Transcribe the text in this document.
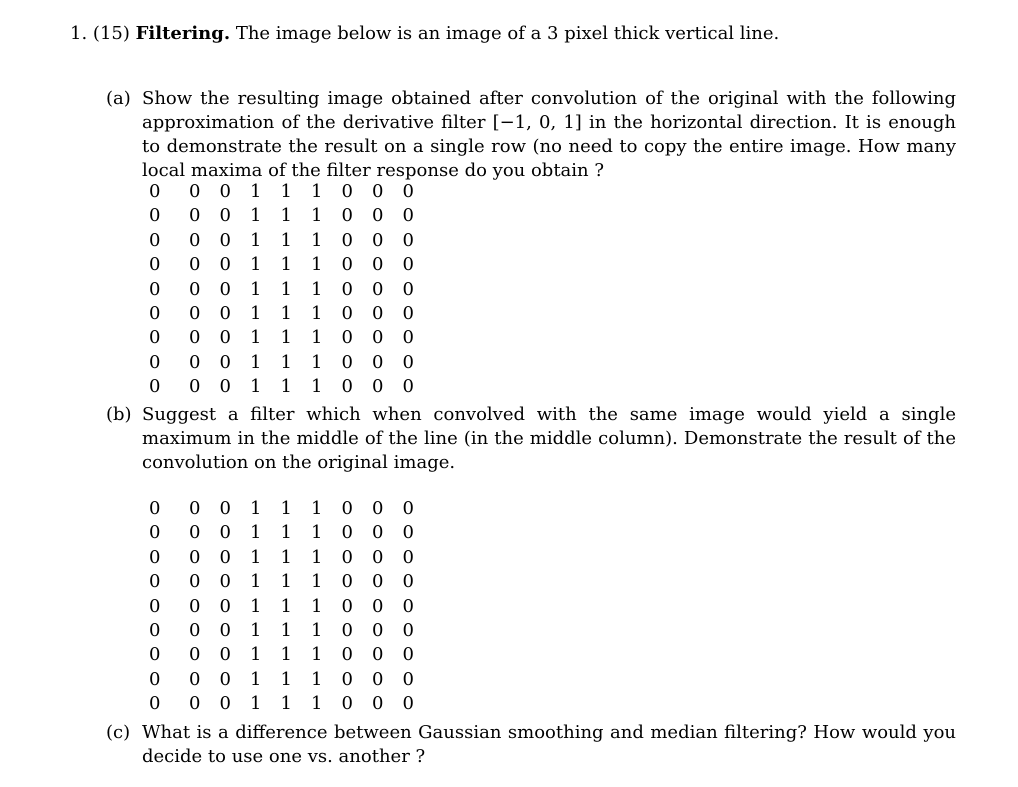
1. (15) Filtering. The image below is an image of a 3 pixel thick vertical line.
(a) Show the resulting image obtained after convolution of the original with the following approximation of the derivative filter [−1, 0, 1] in the horizontal direction. It is enough to demonstrate the result on a single row (no need to copy the entire image. How many local maxima of the filter response do you obtain ?
0	0	0	1	1	1	0	0	0
0	0	0	1	1	1	0	0	0
0	0	0	1	1	1	0	0	0
0	0	0	1	1	1	0	0	0
0	0	0	1	1	1	0	0	0
0	0	0	1	1	1	0	0	0
0	0	0	1	1	1	0	0	0
0	0	0	1	1	1	0	0	0
0	0	0	1	1	1	0	0	0
(b) Suggest a filter which when convolved with the same image would yield a single maximum in the middle of the line (in the middle column). Demonstrate the result of the convolution on the original image.
0	0	0	1	1	1	0	0	0
0	0	0	1	1	1	0	0	0
0	0	0	1	1	1	0	0	0
0	0	0	1	1	1	0	0	0
0	0	0	1	1	1	0	0	0
0	0	0	1	1	1	0	0	0
0	0	0	1	1	1	0	0	0
0	0	0	1	1	1	0	0	0
0	0	0	1	1	1	0	0	0
(c) What is a difference between Gaussian smoothing and median filtering? How would you decide to use one vs. another ?
